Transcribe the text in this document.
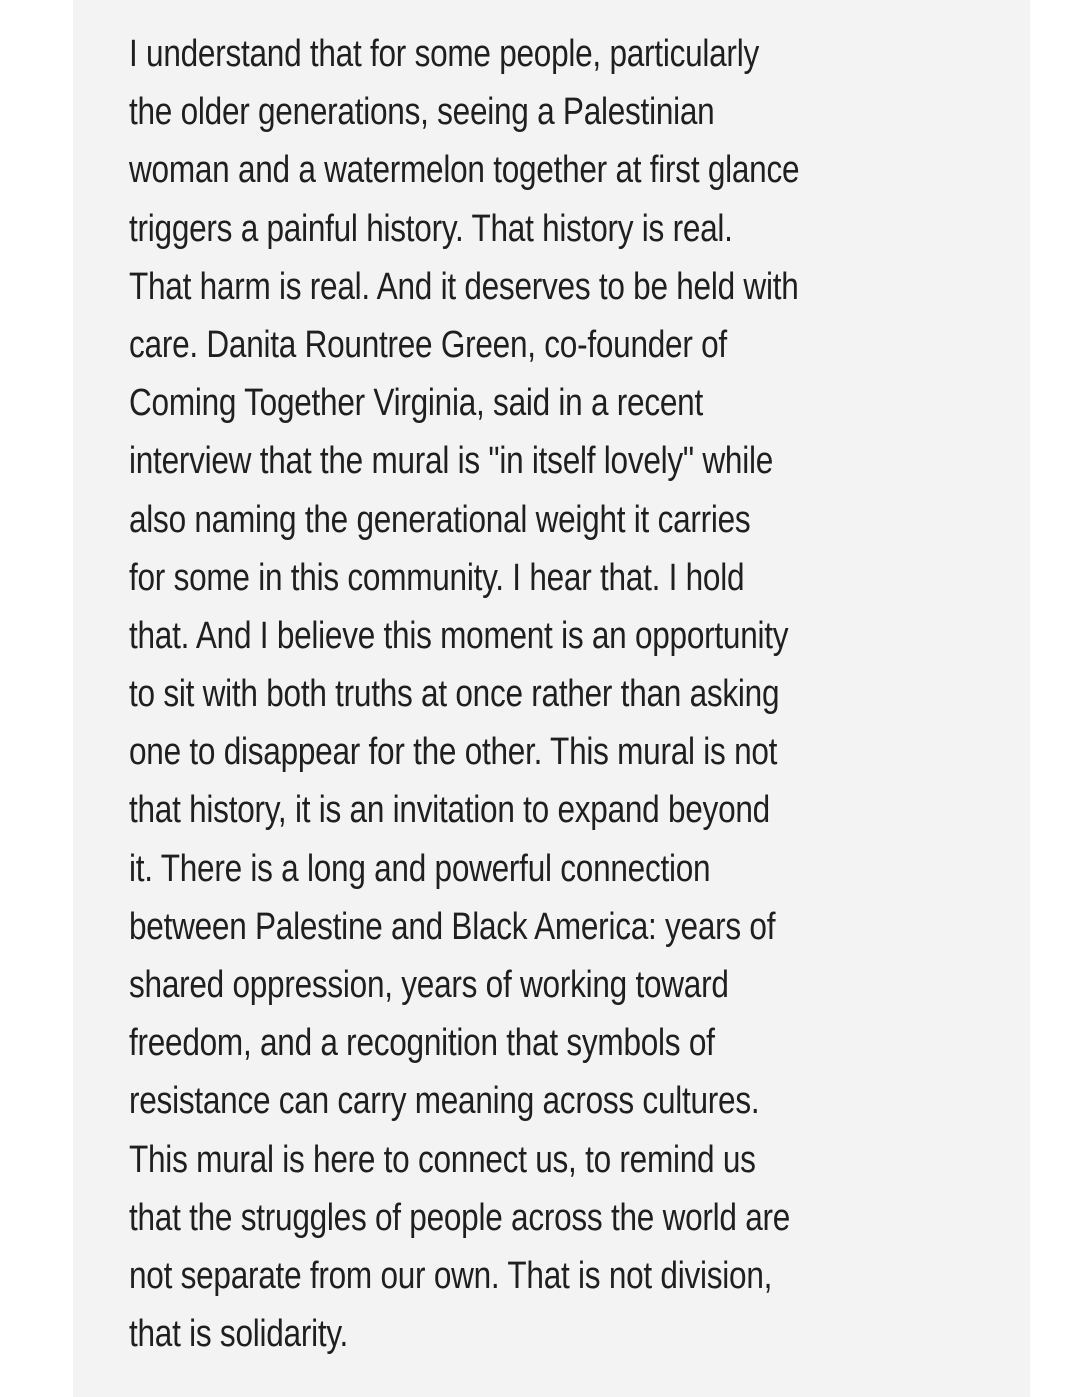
I understand that for some people, particularly
the older generations, seeing a Palestinian
woman and a watermelon together at first glance
triggers a painful history. That history is real.
That harm is real. And it deserves to be held with
care. Danita Rountree Green, co-founder of
Coming Together Virginia, said in a recent
interview that the mural is "in itself lovely" while
also naming the generational weight it carries
for some in this community. I hear that. I hold
that. And I believe this moment is an opportunity
to sit with both truths at once rather than asking
one to disappear for the other. This mural is not
that history, it is an invitation to expand beyond
it. There is a long and powerful connection
between Palestine and Black America: years of
shared oppression, years of working toward
freedom, and a recognition that symbols of
resistance can carry meaning across cultures.
This mural is here to connect us, to remind us
that the struggles of people across the world are
not separate from our own. That is not division,
that is solidarity.
